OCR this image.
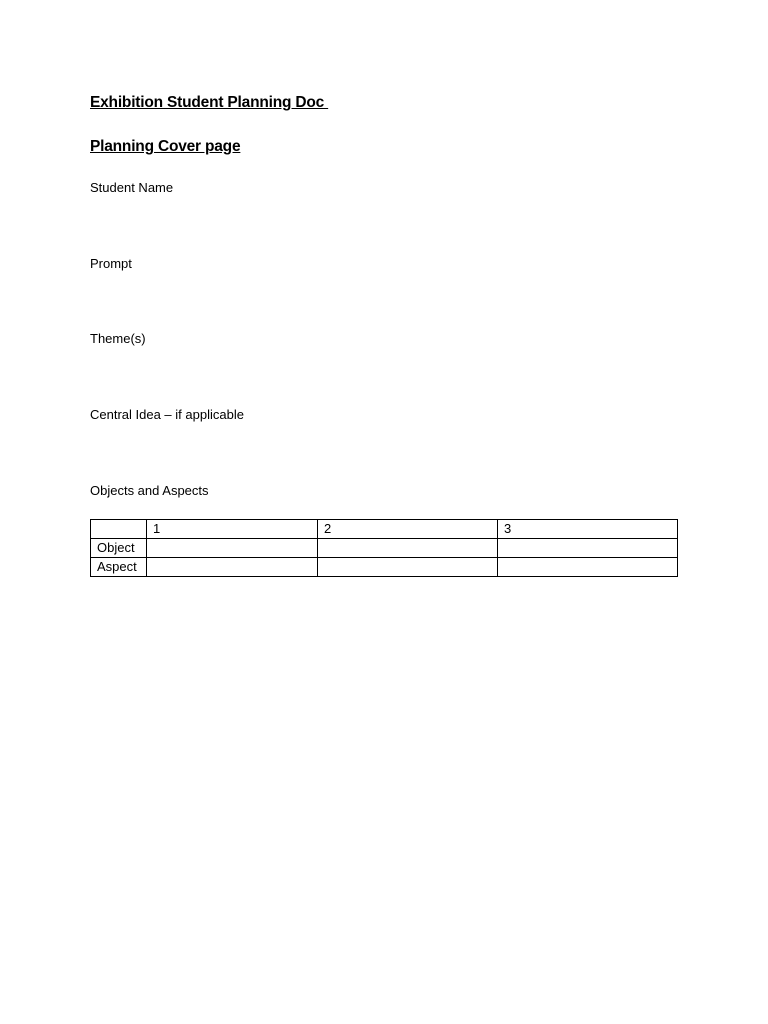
Exhibition Student Planning Doc
Planning Cover page
Student Name
Prompt
Theme(s)
Central Idea – if applicable
Objects and Aspects
	1	2	3
Object			
Aspect			
